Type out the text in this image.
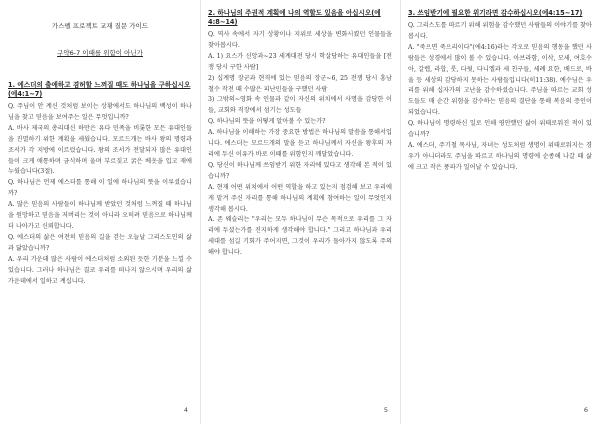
가스펠 프로젝트 교재 질문 가이드
구약6-7 이때를 위함이 아닌가
1. 에스더의 출애하고 겸허할 느껴질 때도 하나님을 구하십시오(에4:1~7)

Q. 주님이 안 계신 것처럼 보이는 상황에서도 하나님의 백성이 하나님을 찾고 믿음을 보여주는 일은 무엇입니까?

A. 바사 제국의 총리대신 하만은 유다 민족을 비롯한 모든 유대인들을 진멸하기 위한 계획을 세웠습니다. 모르드개는 바사 왕의 명령과 조서가 각 지방에 이르렀습니다. 왕의 조서가 전달되자 많은 유대인들이 크게 애통하며 금식하며 울며 부르짖고 굵은 베옷을 입고 재에 누웠습니다(3절).

Q. 하나님은 언제 에스더를 통해 이 일에 하나님의 뜻을 이루셨습니까?

A. 많은 믿음의 사람들이 하나님께 받았던 것처럼 느껴질 때 하나님을 원망하고 믿음을 저버리는 것이 아니라 오히려 믿음으로 하나님께 더 나아가고 신뢰합니다.

Q. 에스더의 삶은 여전히 믿음의 길을 걷는 오늘날 그리스도인의 삶과 닮았습니까?

A. 우리 가운데 많은 사람이 에스더처럼 소외된 듯한 기분을 느낄 수 있습니다. 그러나 하나님은 결코 우리를 떠나지 않으시며 우리의 삶 가운데에서 일하고 계십니다.

4
2. 하나님의 주권적 계획에 나의 역할도 있음을 아십시오(에4:8~14)

Q. 역사 속에서 자기 상황이나 지위로 세상을 변화시켰던 인물들을 찾아봅시다.

A. 1) 요스가 신앙과~23 세계대전 당시 학살당하는 유대인들을 [전쟁 당시 구한 사람]

2) 십계명 장군과 현직에 있는 믿음의 장군~6, 25 전쟁 당시 흥남 철수 작전 때 수많은 피난민들을 구했던 사람

3) 그밖의~영화 속 인물과 같이 자신의 위치에서 사명을 감당한 이들, 교회와 직장에서 섬기는 성도들

Q. 하나님의 뜻을 어떻게 알아볼 수 있는가?

A. 하나님을 이해하는 가장 중요한 방법은 하나님의 말씀을 통해서입니다. 에스더는 모르드개의 말을 듣고 하나님께서 자신을 왕후의 자리에 두신 이유가 바로 이때를 위함인지 깨달았습니다.

Q. 당신이 하나님께 쓰임받기 위한 자리에 있다고 생각해 본 적이 있습니까?

A. 현재 어떤 위치에서 어떤 역할을 하고 있는지 점검해 보고 우리에게 맡겨 주신 자리를 통해 하나님의 계획에 참여하는 일이 무엇인지 생각해 봅시다.

A. 존 웨슬리는 "우리는 모두 하나님이 무슨 목적으로 우리를 그 자리에 두셨는가를 진지하게 생각해야 합니다." 그리고 하나님과 우리 세대를 섬길 기회가 주어지면, 그것이 우리가 돌아가지 않도록 주의해야 합니다.

5
3. 쓰임받기에 필요한 위기라면 감수하십시오(에4:15~17)

Q. 그리스도를 따르기 위해 위험을 감수했던 사람들의 이야기를 찾아봅시다.

A. "죽으면 죽으리이다"(에4:16)라는 각오로 믿음의 행동을 했던 사람들은 성경에서 많이 볼 수 있습니다. 아브라함, 이삭, 모세, 여호수아, 갈렙, 라합, 룻, 다윗, 다니엘과 세 친구들, 세례 요한, 베드로, 바울 등 세상의 감당하지 못하는 사람들입니다(히11:38). 예수님은 우리를 위해 십자가의 고난을 감수하셨습니다. 주님을 따르는 교회 성도들도 매 순간 위험을 감수하는 믿음의 결단을 통해 복음의 증인이 되었습니다.

Q. 하나님이 명령하신 일로 인해 평안했던 삶이 위태로워진 적이 있습니까?

A. 에스더, 주기철 목사님, 자녀는 성도처럼 생명이 위태로워지는 경우가 아니더라도 주님을 따르고 하나님의 명령에 순종해 나갈 때 삶에 크고 작은 풍파가 일어날 수 있습니다.

6
